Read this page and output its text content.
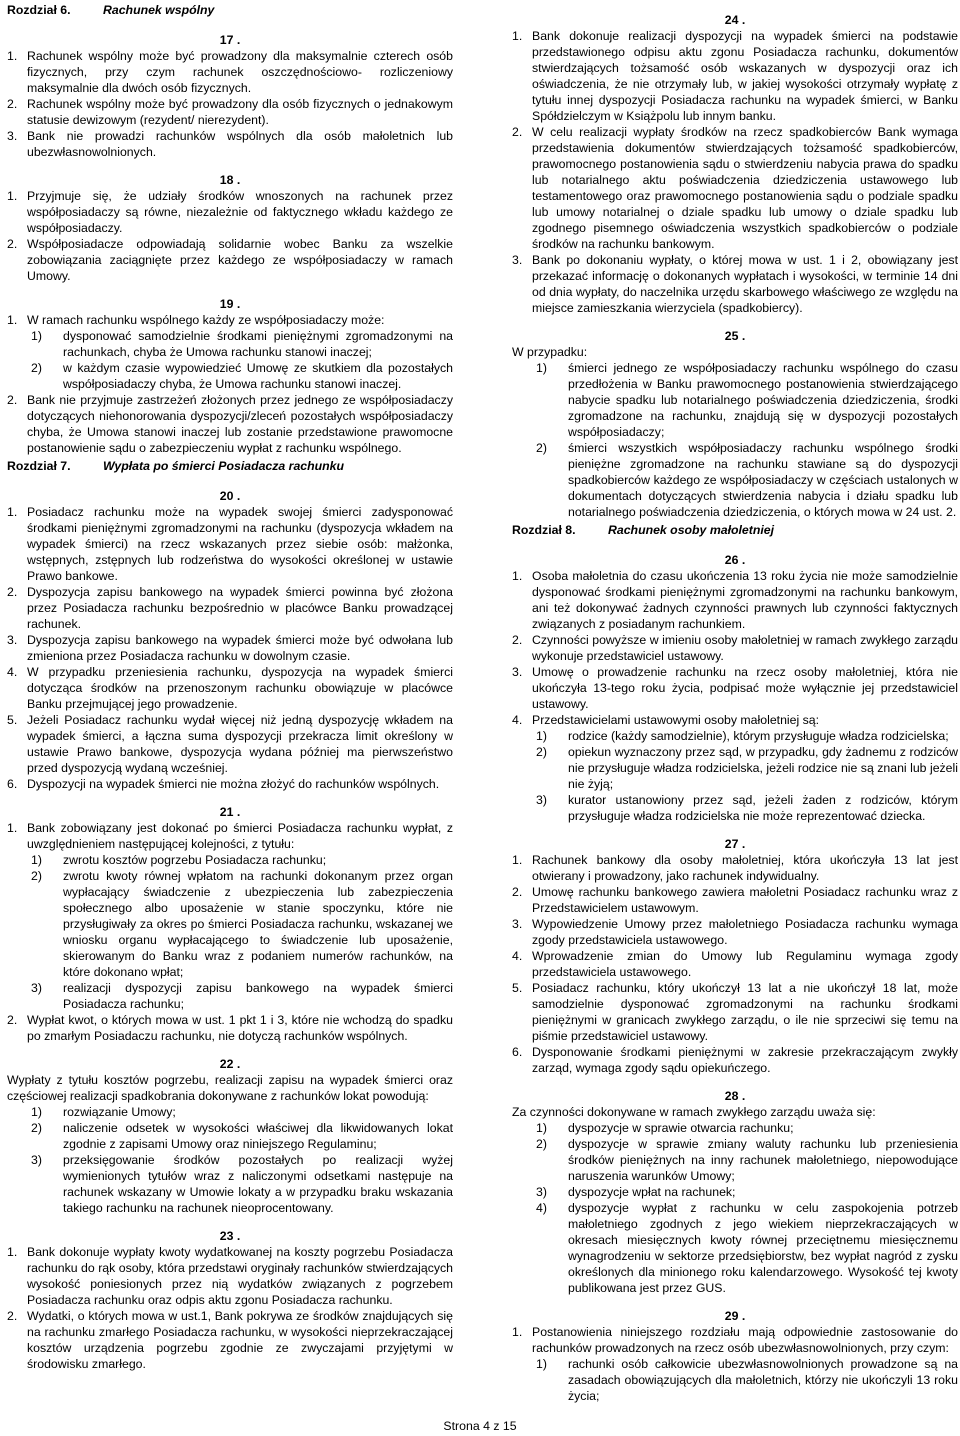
Rozdział 6.	Rachunek wspólny
17 .
1. Rachunek wspólny może być prowadzony dla maksymalnie czterech osób fizycznych, przy czym rachunek oszczędnościowo- rozliczeniowy maksymalnie dla dwóch osób fizycznych.
2. Rachunek wspólny może być prowadzony dla osób fizycznych o jednakowym statusie dewizowym (rezydent/ nierezydent).
3. Bank nie prowadzi rachunków wspólnych dla osób małoletnich lub ubezwłasnowolnionych.
18 .
1. Przyjmuje się, że udziały środków wnoszonych na rachunek przez współposiadaczy są równe, niezależnie od faktycznego wkładu każdego ze współposiadaczy.
2. Współposiadacze odpowiadają solidarnie wobec Banku za wszelkie zobowiązania zaciągnięte przez każdego ze współposiadaczy w ramach Umowy.
19 .
1. W ramach rachunku wspólnego każdy ze współposiadaczy może:
1) dysponować samodzielnie środkami pieniężnymi zgromadzonymi na rachunkach, chyba że Umowa rachunku stanowi inaczej;
2) w każdym czasie wypowiedzieć Umowę ze skutkiem dla pozostałych współposiadaczy chyba, że Umowa rachunku stanowi inaczej.
2. Bank nie przyjmuje zastrzeżeń złożonych przez jednego ze współposiadaczy dotyczących niehonorowania dyspozycji/zleceń pozostałych współposiadaczy chyba, że Umowa stanowi inaczej lub zostanie przedstawione prawomocne postanowienie sądu o zabezpieczeniu wypłat z rachunku wspólnego.
Rozdział 7.	Wypłata po śmierci Posiadacza rachunku
20 .
1. Posiadacz rachunku może na wypadek swojej śmierci zadysponować środkami pieniężnymi zgromadzonymi na rachunku (dyspozycja wkładem na wypadek śmierci) na rzecz wskazanych przez siebie osób: małżonka, wstępnych, zstępnych lub rodzeństwa do wysokości określonej w ustawie Prawo bankowe.
2. Dyspozycja zapisu bankowego na wypadek śmierci powinna być złożona przez Posiadacza rachunku bezpośrednio w placówce Banku prowadzącej rachunek.
3. Dyspozycja zapisu bankowego na wypadek śmierci może być odwołana lub zmieniona przez Posiadacza rachunku w dowolnym czasie.
4. W przypadku przeniesienia rachunku, dyspozycja na wypadek śmierci dotycząca środków na przenoszonym rachunku obowiązuje w placówce Banku przejmującej jego prowadzenie.
5. Jeżeli Posiadacz rachunku wydał więcej niż jedną dyspozycję wkładem na wypadek śmierci, a łączna suma dyspozycji przekracza limit określony w ustawie Prawo bankowe, dyspozycja wydana później ma pierwszeństwo przed dyspozycją wydaną wcześniej.
6. Dyspozycji na wypadek śmierci nie można złożyć do rachunków wspólnych.
21 .
1. Bank zobowiązany jest dokonać po śmierci Posiadacza rachunku wypłat, z uwzględnieniem następującej kolejności, z tytułu:
1) zwrotu kosztów pogrzebu Posiadacza rachunku;
2) zwrotu kwoty równej wpłatom na rachunki dokonanym przez organ wypłacający świadczenie z ubezpieczenia lub zabezpieczenia społecznego albo uposażenie w stanie spoczynku, które nie przysługiwały za okres po śmierci Posiadacza rachunku, wskazanej we wniosku organu wypłacającego to świadczenie lub uposażenie, skierowanym do Banku wraz z podaniem numerów rachunków, na które dokonano wpłat;
3) realizacji dyspozycji zapisu bankowego na wypadek śmierci Posiadacza rachunku;
2. Wypłat kwot, o których mowa w ust. 1 pkt 1 i 3, które nie wchodzą do spadku po zmarłym Posiadaczu rachunku, nie dotyczą rachunków wspólnych.
22 .
Wypłaty z tytułu kosztów pogrzebu, realizacji zapisu na wypadek śmierci oraz częściowej realizacji spadkobrania dokonywane z rachunków lokat powodują:
1) rozwiązanie Umowy;
2) naliczenie odsetek w wysokości właściwej dla likwidowanych lokat zgodnie z zapisami Umowy oraz niniejszego Regulaminu;
3) przeksięgowanie środków pozostałych po realizacji wyżej wymienionych tytułów wraz z naliczonymi odsetkami następuje na rachunek wskazany w Umowie lokaty a w przypadku braku wskazania takiego rachunku na rachunek nieoprocentowany.
23 .
1. Bank dokonuje wypłaty kwoty wydatkowanej na koszty pogrzebu Posiadacza rachunku do rąk osoby, która przedstawi oryginały rachunków stwierdzających wysokość poniesionych przez nią wydatków związanych z pogrzebem Posiadacza rachunku oraz odpis aktu zgonu Posiadacza rachunku.
2. Wydatki, o których mowa w ust.1, Bank pokrywa ze środków znajdujących się na rachunku zmarłego Posiadacza rachunku, w wysokości nieprzekraczającej kosztów urządzenia pogrzebu zgodnie ze zwyczajami przyjętymi w środowisku zmarłego.
24 .
1. Bank dokonuje realizacji dyspozycji na wypadek śmierci na podstawie przedstawionego odpisu aktu zgonu Posiadacza rachunku, dokumentów stwierdzających tożsamość osób wskazanych w dyspozycji oraz ich oświadczenia, że nie otrzymały lub, w jakiej wysokości otrzymały wypłatę z tytułu innej dyspozycji Posiadacza rachunku na wypadek śmierci, w Banku Spółdzielczym w Książpolu lub innym banku.
2. W celu realizacji wypłaty środków na rzecz spadkobierców Bank wymaga przedstawienia dokumentów stwierdzających tożsamość spadkobierców, prawomocnego postanowienia sądu o stwierdzeniu nabycia prawa do spadku lub notarialnego aktu poświadczenia dziedziczenia ustawowego lub testamentowego oraz prawomocnego postanowienia sądu o podziale spadku lub umowy notarialnej o dziale spadku lub umowy o dziale spadku lub zgodnego pisemnego oświadczenia wszystkich spadkobierców o podziale środków na rachunku bankowym.
3. Bank po dokonaniu wypłaty, o której mowa w ust. 1 i 2, obowiązany jest przekazać informację o dokonanych wypłatach i wysokości, w terminie 14 dni od dnia wypłaty, do naczelnika urzędu skarbowego właściwego ze względu na miejsce zamieszkania wierzyciela (spadkobiercy).
25 .
W przypadku:
1) śmierci jednego ze współposiadaczy rachunku wspólnego do czasu przedłożenia w Banku prawomocnego postanowienia stwierdzającego nabycie spadku lub notarialnego poświadczenia dziedziczenia, środki zgromadzone na rachunku, znajdują się w dyspozycji pozostałych współposiadaczy;
2) śmierci wszystkich współposiadaczy rachunku wspólnego środki pieniężne zgromadzone na rachunku stawiane są do dyspozycji spadkobierców każdego ze współposiadaczy w częściach ustalonych w dokumentach dotyczących stwierdzenia nabycia i działu spadku lub notarialnego poświadczenia dziedziczenia, o których mowa w 24 ust. 2.
Rozdział 8.	Rachunek osoby małoletniej
26 .
1. Osoba małoletnia do czasu ukończenia 13 roku życia nie może samodzielnie dysponować środkami pieniężnymi zgromadzonymi na rachunku bankowym, ani też dokonywać żadnych czynności prawnych lub czynności faktycznych związanych z posiadanym rachunkiem.
2. Czynności powyższe w imieniu osoby małoletniej w ramach zwykłego zarządu wykonuje przedstawiciel ustawowy.
3. Umowę o prowadzenie rachunku na rzecz osoby małoletniej, która nie ukończyła 13-tego roku życia, podpisać może wyłącznie jej przedstawiciel ustawowy.
4. Przedstawicielami ustawowymi osoby małoletniej są:
1) rodzice (każdy samodzielnie), którym przysługuje władza rodzicielska;
2) opiekun wyznaczony przez sąd, w przypadku, gdy żadnemu z rodziców nie przysługuje władza rodzicielska, jeżeli rodzice nie są znani lub jeżeli nie żyją;
3) kurator ustanowiony przez sąd, jeżeli żaden z rodziców, którym przysługuje władza rodzicielska nie może reprezentować dziecka.
27 .
1. Rachunek bankowy dla osoby małoletniej, która ukończyła 13 lat jest otwierany i prowadzony, jako rachunek indywidualny.
2. Umowę rachunku bankowego zawiera małoletni Posiadacz rachunku wraz z Przedstawicielem ustawowym.
3. Wypowiedzenie Umowy przez małoletniego Posiadacza rachunku wymaga zgody przedstawiciela ustawowego.
4. Wprowadzenie zmian do Umowy lub Regulaminu wymaga zgody przedstawiciela ustawowego.
5. Posiadacz rachunku, który ukończył 13 lat a nie ukończył 18 lat, może samodzielnie dysponować zgromadzonymi na rachunku środkami pieniężnymi w granicach zwykłego zarządu, o ile nie sprzeciwi się temu na piśmie przedstawiciel ustawowy.
6. Dysponowanie środkami pieniężnymi w zakresie przekraczającym zwykły zarząd, wymaga zgody sądu opiekuńczego.
28 .
Za czynności dokonywane w ramach zwykłego zarządu uważa się:
1) dyspozycje w sprawie otwarcia rachunku;
2) dyspozycje w sprawie zmiany waluty rachunku lub przeniesienia środków pieniężnych na inny rachunek małoletniego, niepowodujące naruszenia warunków Umowy;
3) dyspozycje wpłat na rachunek;
4) dyspozycje wypłat z rachunku w celu zaspokojenia potrzeb małoletniego zgodnych z jego wiekiem nieprzekraczających w okresach miesięcznych kwoty równej przeciętnemu miesięcznemu wynagrodzeniu w sektorze przedsiębiorstw, bez wypłat nagród z zysku określonych dla minionego roku kalendarzowego. Wysokość tej kwoty publikowana jest przez GUS.
29 .
1. Postanowienia niniejszego rozdziału mają odpowiednie zastosowanie do rachunków prowadzonych na rzecz osób ubezwłasnowolnionych, przy czym:
1) rachunki osób całkowicie ubezwłasnowolnionych prowadzone są na zasadach obowiązujących dla małoletnich, którzy nie ukończyli 13 roku życia;
Strona 4 z 15
